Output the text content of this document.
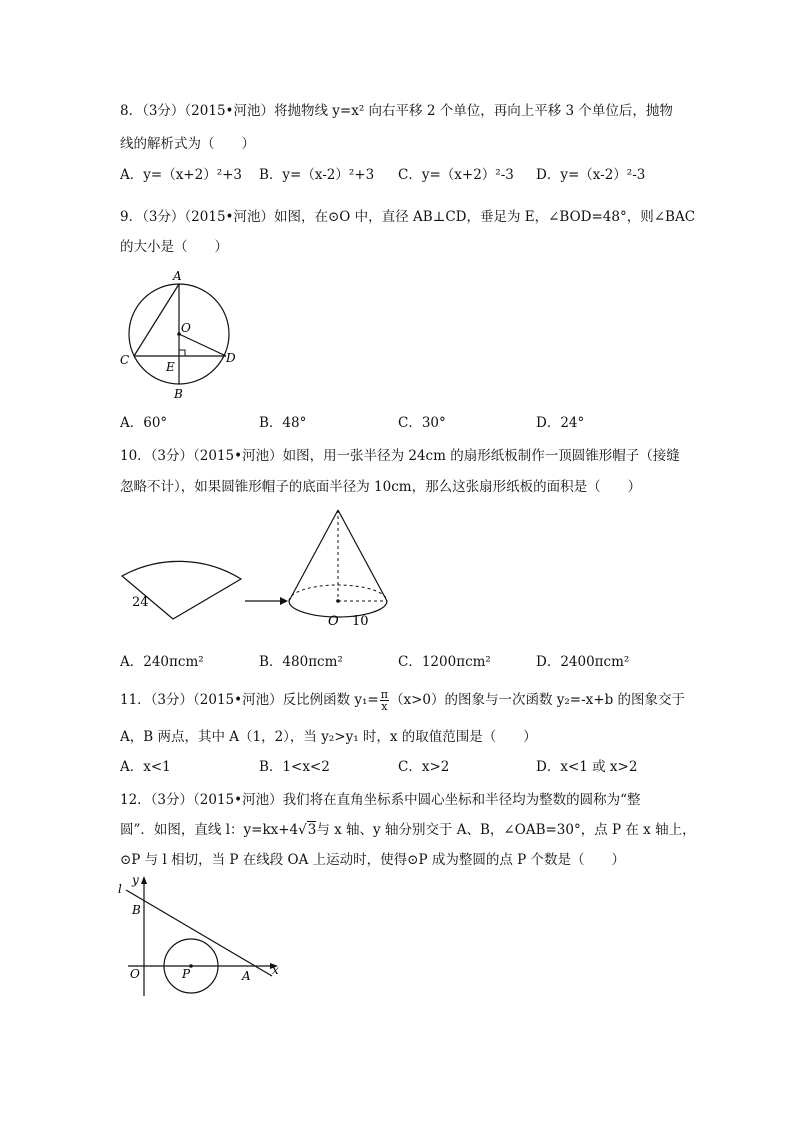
8．（3分）（2015•河池）将抛物线 y=x² 向右平移 2 个单位，再向上平移 3 个单位后，抛物
线的解析式为（　　）
A．y=（x+2）²+3 B．y=（x-2）²+3 C．y=（x+2）²-3 D．y=（x-2）²-3
9．（3分）（2015•河池）如图，在⊙O 中，直径 AB⊥CD，垂足为 E，∠BOD=48°，则∠BAC
的大小是（　　）
A
O
C	D
E
B
A．60°	B．48°	C．30°	D．24°
10．（3分）（2015•河池）如图，用一张半径为 24cm 的扇形纸板制作一顶圆锥形帽子（接缝
忽略不计），如果圆锥形帽子的底面半径为 10cm，那么这张扇形纸板的面积是（　　）
24
O 10
A．240πcm²	B．480πcm²	C．1200πcm²	D．2400πcm²
11．（3分）（2015•河池）反比例函数 $y_1= \frac{\pi}{x} (x>0)$的图象与一次函数 y₂=-x+b 的图象交于
A，B 两点，其中 A（1，2），当 y₂>y₁ 时，x 的取值范围是（　　）
A．x<1	B．1<x<2	C．x>2	D．x<1 或 x>2
12．（3分）（2015•河池）我们将在直角坐标系中圆心坐标和半径均为整数的圆称为“整
圆”．如图，直线 l：y=kx+4√3与 x 轴、y 轴分别交于 A、B，∠OAB=30°，点 P 在 x 轴上，
⊙P 与 l 相切，当 P 在线段 OA 上运动时，使得⊙P 成为整圆的点 P 个数是（　　）
l
y
B
O	P	A x
